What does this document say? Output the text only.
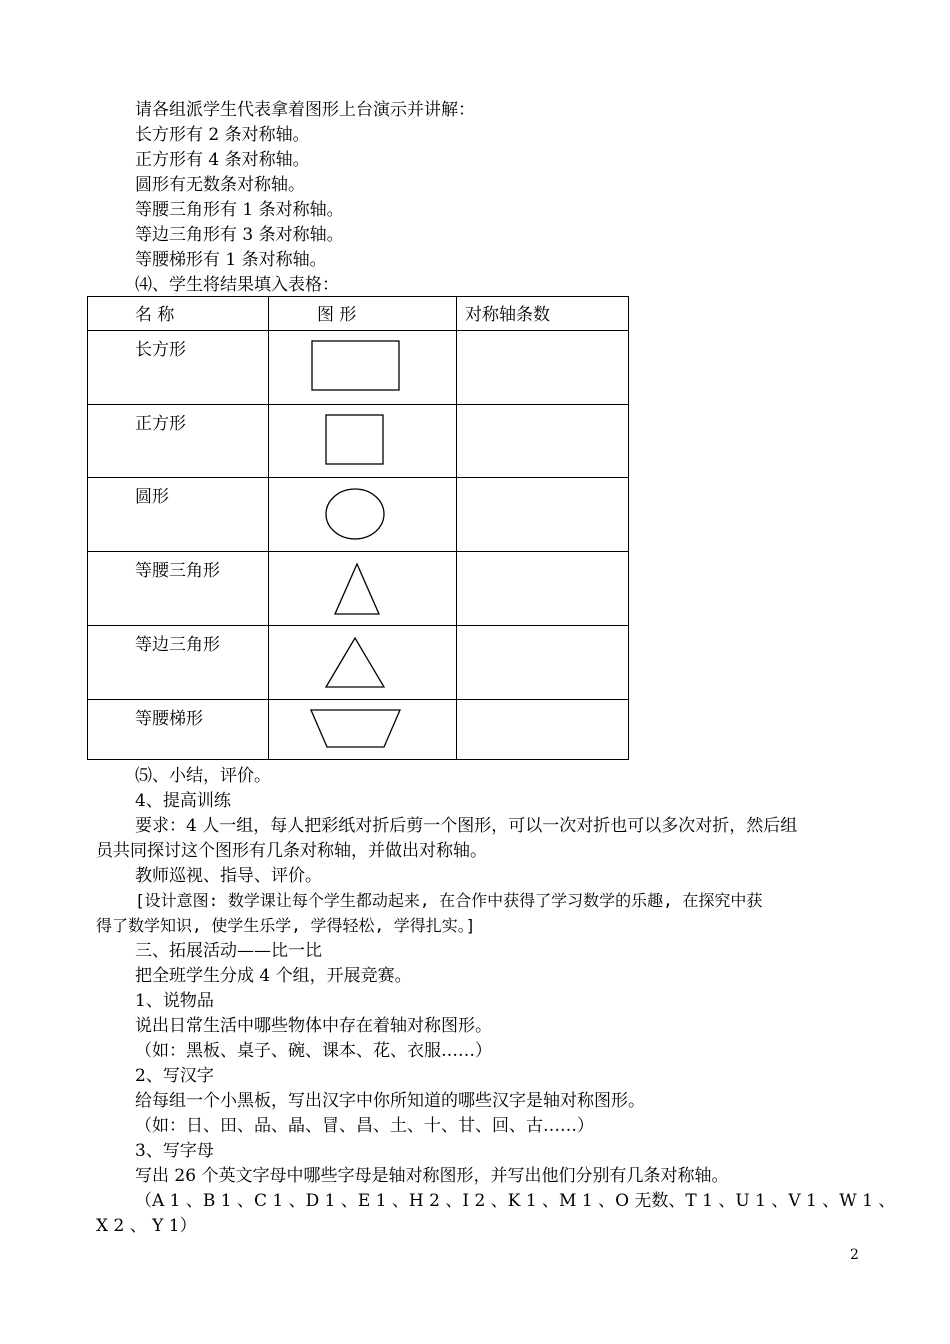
请各组派学生代表拿着图形上台演示并讲解：
长方形有 2 条对称轴。
正方形有 4 条对称轴。
圆形有无数条对称轴。
等腰三角形有 1 条对称轴。
等边三角形有 3 条对称轴。
等腰梯形有 1 条对称轴。
⑷、学生将结果填入表格：
名 称	图 形	对称轴条数

长方形

正方形

圆形

等腰三角形

等边三角形

等腰梯形

⑸、小结，评价。
4、提高训练
要求：4 人一组，每人把彩纸对折后剪一个图形，可以一次对折也可以多次对折，然后组
员共同探讨这个图形有几条对称轴，并做出对称轴。
教师巡视、指导、评价。
[设计意图: 数学课让每个学生都动起来, 在合作中获得了学习数学的乐趣, 在探究中获
得了数学知识, 使学生乐学, 学得轻松, 学得扎实。]
三、拓展活动——比一比
把全班学生分成 4 个组，开展竞赛。
1、说物品
说出日常生活中哪些物体中存在着轴对称图形。
（如：黑板、桌子、碗、课本、花、衣服……）
2、写汉字
给每组一个小黑板，写出汉字中你所知道的哪些汉字是轴对称图形。
（如：日、田、品、晶、冒、昌、土、十、甘、回、古……）
3、写字母
写出 26 个英文字母中哪些字母是轴对称图形，并写出他们分别有几条对称轴。
（A 1 、B 1 、C 1 、D 1 、E 1 、H 2 、I 2 、K 1 、M 1 、O 无数、T 1 、U 1 、V 1 、W 1 、
X 2 、 Y 1）
2
